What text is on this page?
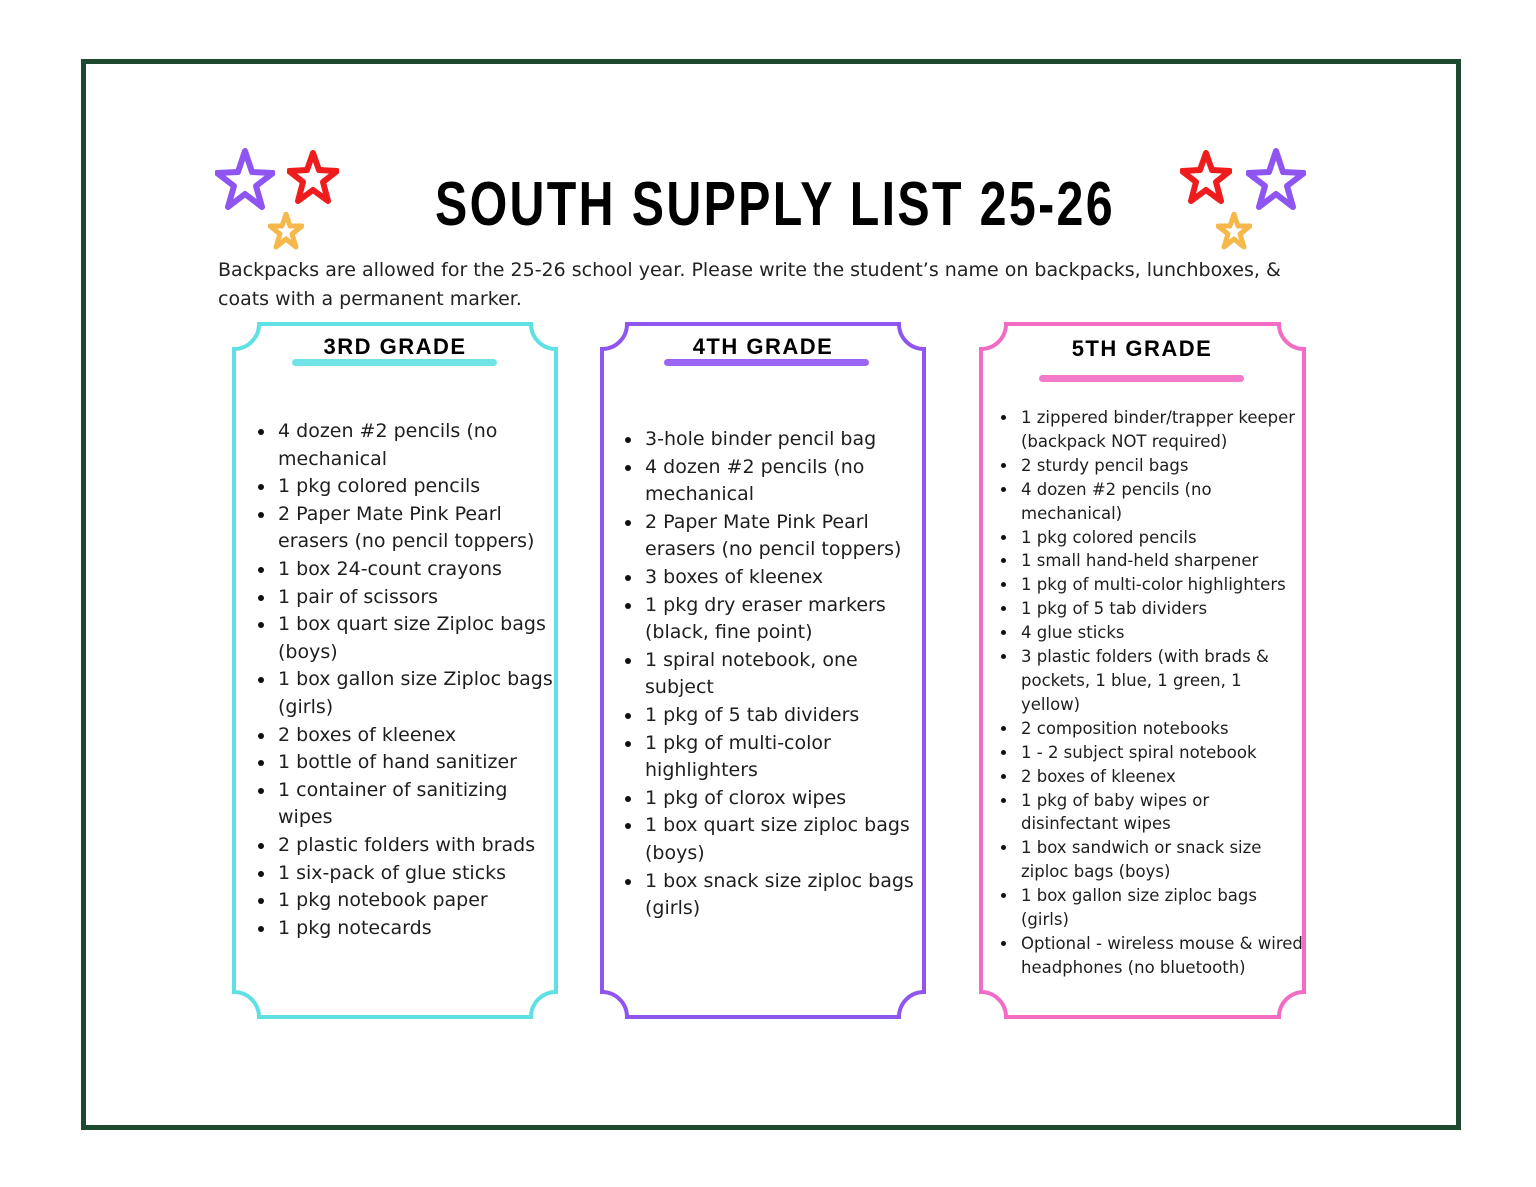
SOUTH SUPPLY LIST 25-26
Backpacks are allowed for the 25-26 school year. Please write the student’s name on backpacks, lunchboxes, & coats with a permanent marker.
3RD GRADE
4 dozen #2 pencils (no mechanical
1 pkg colored pencils
2 Paper Mate Pink Pearl erasers (no pencil toppers)
1 box 24-count crayons
1 pair of scissors
1 box quart size Ziploc bags (boys)
1 box gallon size Ziploc bags (girls)
2 boxes of kleenex
1 bottle of hand sanitizer
1 container of sanitizing wipes
2 plastic folders with brads
1 six-pack of glue sticks
1 pkg notebook paper
1 pkg notecards
4TH GRADE
3-hole binder pencil bag
4 dozen #2 pencils (no mechanical
2 Paper Mate Pink Pearl erasers (no pencil toppers)
3 boxes of kleenex
1 pkg dry eraser markers (black, fine point)
1 spiral notebook, one subject
1 pkg of 5 tab dividers
1 pkg of multi-color highlighters
1 pkg of clorox wipes
1 box quart size ziploc bags (boys)
1 box snack size ziploc bags (girls)
5TH GRADE
1 zippered binder/trapper keeper (backpack NOT required)
2 sturdy pencil bags
4 dozen #2 pencils (no mechanical)
1 pkg colored pencils
1 small hand-held sharpener
1 pkg of multi-color highlighters
1 pkg of 5 tab dividers
4 glue sticks
3 plastic folders (with brads & pockets, 1 blue, 1 green, 1 yellow)
2 composition notebooks
1 - 2 subject spiral notebook
2 boxes of kleenex
1 pkg of baby wipes or disinfectant wipes
1 box sandwich or snack size ziploc bags (boys)
1 box gallon size ziploc bags (girls)
Optional - wireless mouse & wired headphones (no bluetooth)
